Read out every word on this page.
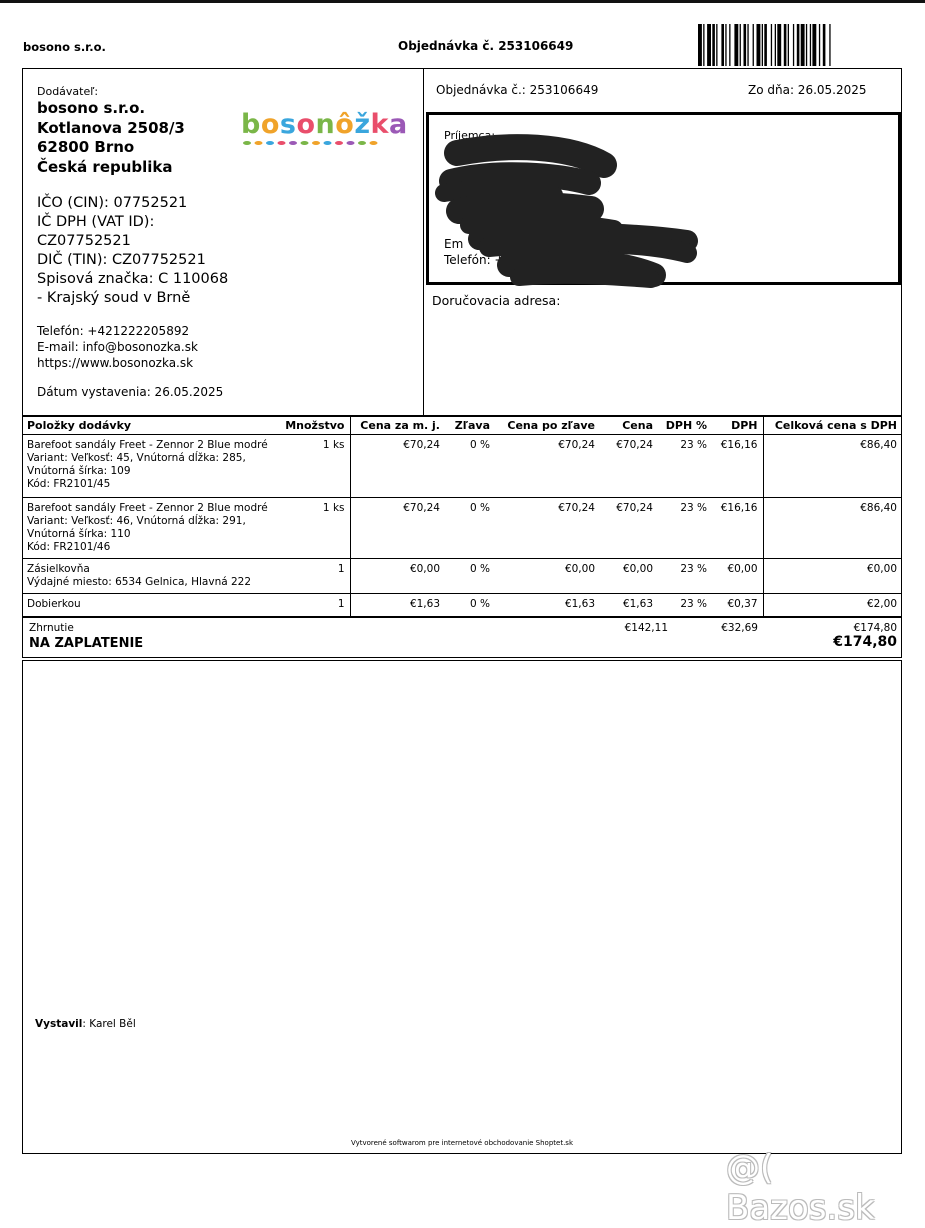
bosono s.r.o.	Objednávka č. 253106649
Dodávateľ:
bosono s.r.o.
Kotlanova 2508/3
62800 Brno
Česká republika
bosonôžka
IČO (CIN): 07752521
IČ DPH (VAT ID):
CZ07752521
DIČ (TIN): CZ07752521
Spisová značka: C 110068
- Krajský soud v Brně
Telefón: +421222205892
E-mail: info@bosonozka.sk
https://www.bosonozka.sk
Dátum vystavenia: 26.05.2025
Objednávka č.: 253106649	Zo dňa: 26.05.2025
Príjemca:
Em
Telefón: +
Doručovacia adresa:
Položky dodávky	Množstvo	Cena za m. j.	Zľava	Cena po zľave	Cena	DPH %	DPH	Celková cena s DPH

Barefoot sandály Freet - Zennor 2 Blue modré
Variant: Veľkosť: 45, Vnútorná dĺžka: 285,
Vnútorná šírka: 109
Kód: FR2101/45	1 ks	€70,24	0 %	€70,24	€70,24	23 %	€16,16	€86,40

Barefoot sandály Freet - Zennor 2 Blue modré
Variant: Veľkosť: 46, Vnútorná dĺžka: 291,
Vnútorná šírka: 110
Kód: FR2101/46	1 ks	€70,24	0 %	€70,24	€70,24	23 %	€16,16	€86,40

Zásielkovňa
Výdajné miesto: 6534 Gelnica, Hlavná 222	1	€0,00	0 %	€0,00	€0,00	23 %	€0,00	€0,00

Dobierkou	1	€1,63	0 %	€1,63	€1,63	23 %	€0,37	€2,00
Zhrnutie
NA ZAPLATENIE
€142,11	€32,69	€174,80
€174,80
Vystavil: Karel Běl
Vytvorené softwarom pre internetové obchodovanie Shoptet.sk
@( Bazos.sk
